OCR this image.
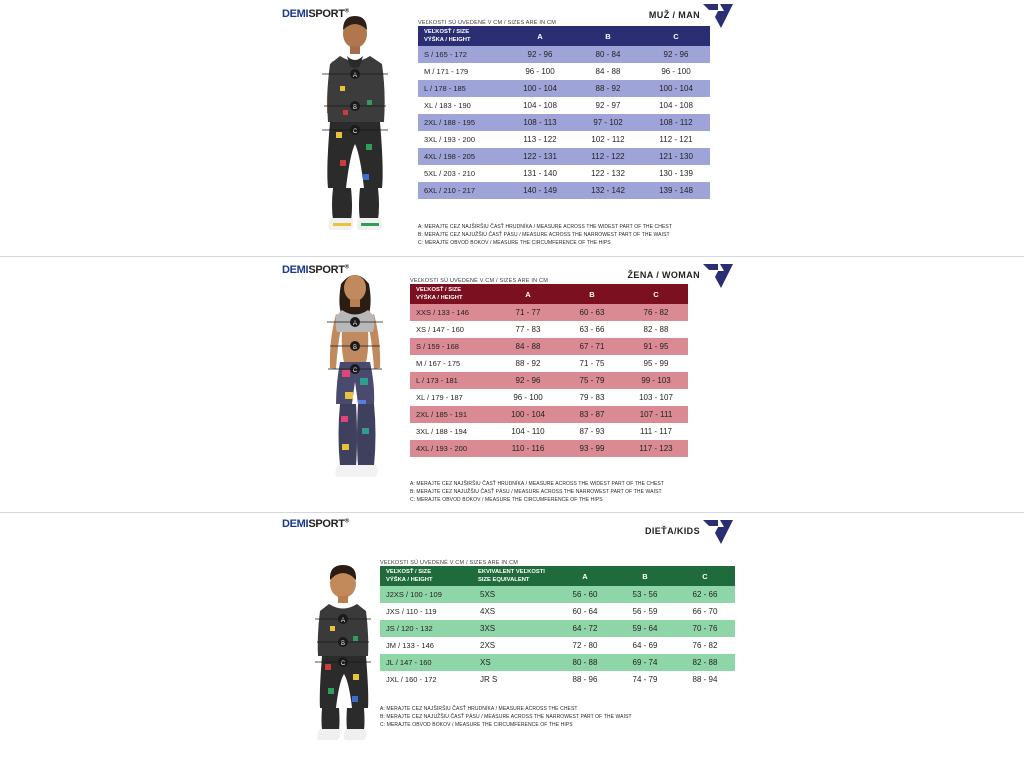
DEMISPORT®	MUŽ / MAN
A
B
C
VEĽKOSTI SÚ UVEDENÉ V CM / SIZES ARE IN CM
VEĽKOSŤ / SIZE
VÝŠKA / HEIGHT	A	B	C
S / 165 - 172	92 - 96	80 - 84	92 - 96
M / 171 - 179	96 - 100	84 - 88	96 - 100
L / 178 - 185	100 - 104	88 - 92	100 - 104
XL / 183 - 190	104 - 108	92 - 97	104 - 108
2XL / 188 - 195	108 - 113	97 - 102	108 - 112
3XL / 193 - 200	113 - 122	102 - 112	112 - 121
4XL / 198 - 205	122 - 131	112 - 122	121 - 130
5XL / 203 - 210	131 - 140	122 - 132	130 - 139
6XL / 210 - 217	140 - 149	132 - 142	139 - 148
A: MERAJTE CEZ NAJŠIRŠIU ČASŤ HRUDNÍKA / MEASURE ACROSS THE WIDEST PART OF THE CHEST
B: MERAJTE CEZ NAJUŽŠIU ČASŤ PÁSU / MEASURE ACROSS THE NARROWEST PART OF THE WAIST
C: MERAJTE OBVOD BOKOV / MEASURE THE CIRCUMFERENCE OF THE HIPS
DEMISPORT®
ŽENA / WOMAN
A
B
C
VEĽKOSTI SÚ UVEDENÉ V CM / SIZES ARE IN CM
VEĽKOSŤ / SIZE
VÝŠKA / HEIGHT	A	B	C
XXS / 133 - 146	71 - 77	60 - 63	76 - 82
XS / 147 - 160	77 - 83	63 - 66	82 - 88
S / 159 - 168	84 - 88	67 - 71	91 - 95
M / 167 - 175	88 - 92	71 - 75	95 - 99
L / 173 - 181	92 - 96	75 - 79	99 - 103
XL / 179 - 187	96 - 100	79 - 83	103 - 107
2XL / 185 - 191	100 - 104	83 - 87	107 - 111
3XL / 188 - 194	104 - 110	87 - 93	111 - 117
4XL / 193 - 200	110 - 116	93 - 99	117 - 123
A: MERAJTE CEZ NAJŠIRŠIU ČASŤ HRUDNÍKA / MEASURE ACROSS THE WIDEST PART OF THE CHEST
B: MERAJTE CEZ NAJUŽŠIU ČASŤ PÁSU / MEASURE ACROSS THE NARROWEST PART OF THE WAIST
C: MERAJTE OBVOD BOKOV / MEASURE THE CIRCUMFERENCE OF THE HIPS
DEMISPORT®
DIEŤA/KIDS
A
B
C
VEĽKOSTI SÚ UVEDENÉ V CM / SIZES ARE IN CM
VEĽKOSŤ / SIZE
VÝŠKA / HEIGHT	EKVIVALENT VEĽKOSTI
SIZE EQUIVALENT	A	B	C
J2XS / 100 - 109	5XS	56 - 60	53 - 56	62 - 66
JXS / 110 - 119	4XS	60 - 64	56 - 59	66 - 70
JS / 120 - 132	3XS	64 - 72	59 - 64	70 - 76
JM / 133 - 146	2XS	72 - 80	64 - 69	76 - 82
JL / 147 - 160	XS	80 - 88	69 - 74	82 - 88
JXL / 160 - 172	JR S	88 - 96	74 - 79	88 - 94
A: MERAJTE CEZ NAJŠIRŠIU ČASŤ HRUDNÍKA / MEASURE ACROSS THE CHEST
B: MERAJTE CEZ NAJUŽŠIU ČASŤ PÁSU / MEASURE ACROSS THE NARROWEST PART OF THE WAIST
C: MERAJTE OBVOD BOKOV / MEASURE THE CIRCUMFERENCE OF THE HIPS
